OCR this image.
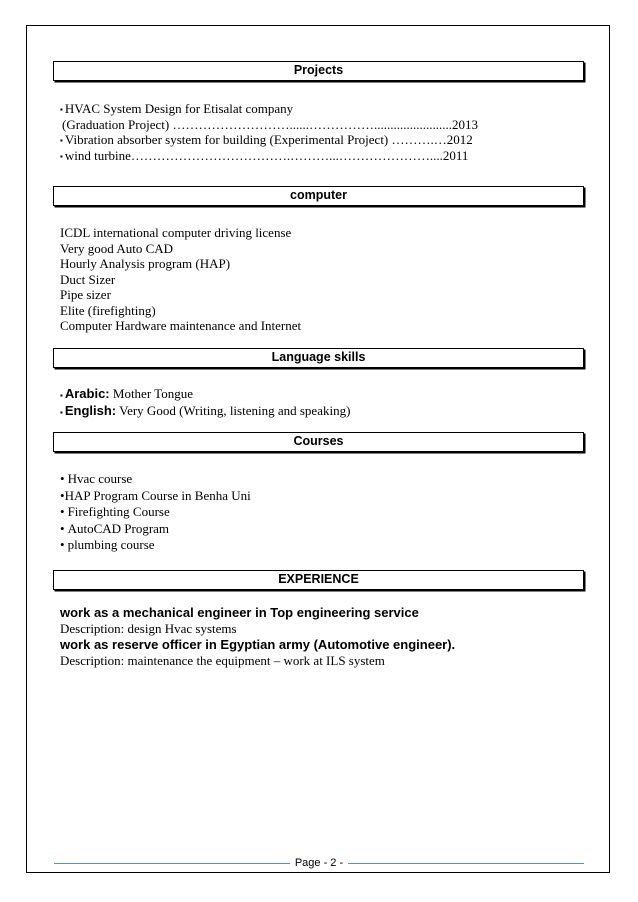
Projects
▪ HVAC System Design for Etisalat company
(Graduation Project) ………………………......……………........................2013
▪ Vibration absorber system for building (Experimental Project) ……….…2012
▪ wind turbine……………………………….………...…………………....2011
computer
ICDL international computer driving license
Very good Auto CAD
Hourly Analysis program (HAP)
Duct Sizer
Pipe sizer
Elite (firefighting)
Computer Hardware maintenance and Internet
Language skills
▪ Arabic: Mother Tongue
▪ English: Very Good (Writing, listening and speaking)
Courses
• Hvac course
•HAP Program Course in Benha Uni
• Firefighting Course
• AutoCAD Program
• plumbing course
EXPERIENCE
work as a mechanical engineer in Top engineering service
Description: design Hvac systems
work as reserve officer in Egyptian army (Automotive engineer).
Description: maintenance the equipment – work at ILS system
Page - 2 -
